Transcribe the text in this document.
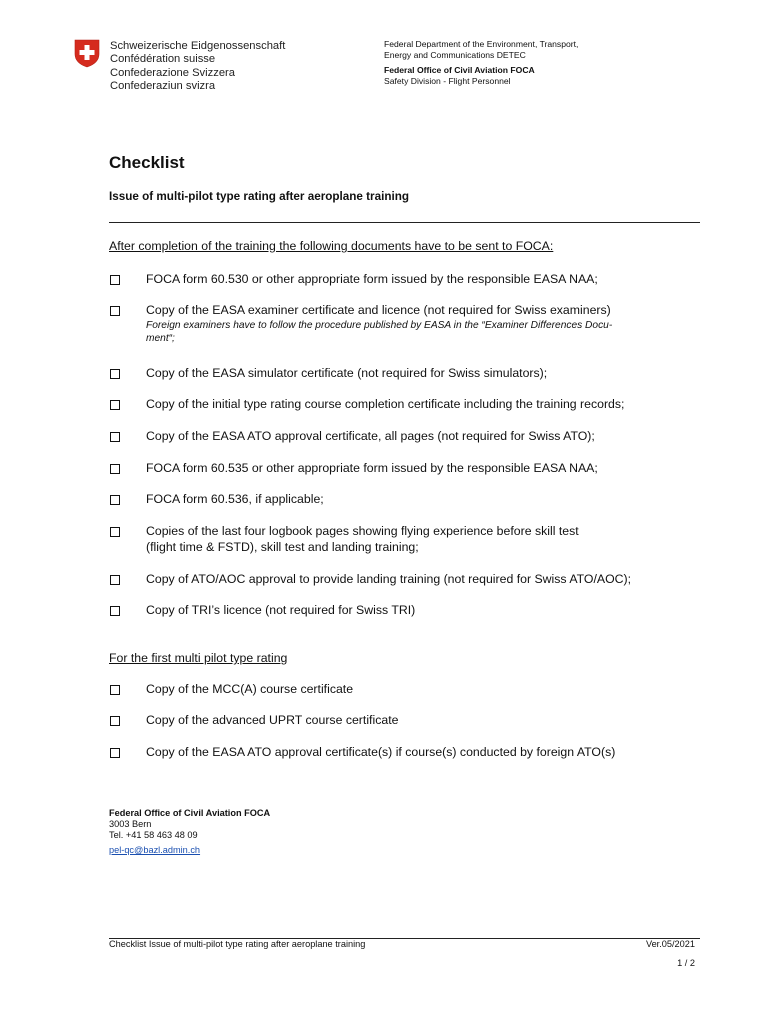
Schweizerische Eidgenossenschaft
Confédération suisse
Confederazione Svizzera
Confederaziun svizra
Federal Department of the Environment, Transport,
Energy and Communications DETEC
Federal Office of Civil Aviation FOCA
Safety Division - Flight Personnel
Checklist
Issue of multi-pilot type rating after aeroplane training
After completion of the training the following documents have to be sent to FOCA:
FOCA form 60.530 or other appropriate form issued by the responsible EASA NAA;
Copy of the EASA examiner certificate and licence (not required for Swiss examiners)
Foreign examiners have to follow the procedure published by EASA in the “Examiner Differences Docu-
ment“;
Copy of the EASA simulator certificate (not required for Swiss simulators);
Copy of the initial type rating course completion certificate including the training records;
Copy of the EASA ATO approval certificate, all pages (not required for Swiss ATO);
FOCA form 60.535 or other appropriate form issued by the responsible EASA NAA;
FOCA form 60.536, if applicable;
Copies of the last four logbook pages showing flying experience before skill test
(flight time & FSTD), skill test and landing training;
Copy of ATO/AOC approval to provide landing training (not required for Swiss ATO/AOC);
Copy of TRI’s licence (not required for Swiss TRI)
For the first multi pilot type rating
Copy of the MCC(A) course certificate
Copy of the advanced UPRT course certificate
Copy of the EASA ATO approval certificate(s) if course(s) conducted by foreign ATO(s)
Federal Office of Civil Aviation FOCA
3003 Bern
Tel. +41 58 463 48 09
pel-qc@bazl.admin.ch
Checklist Issue of multi-pilot type rating after aeroplane training	Ver.05/2021
1 / 2
